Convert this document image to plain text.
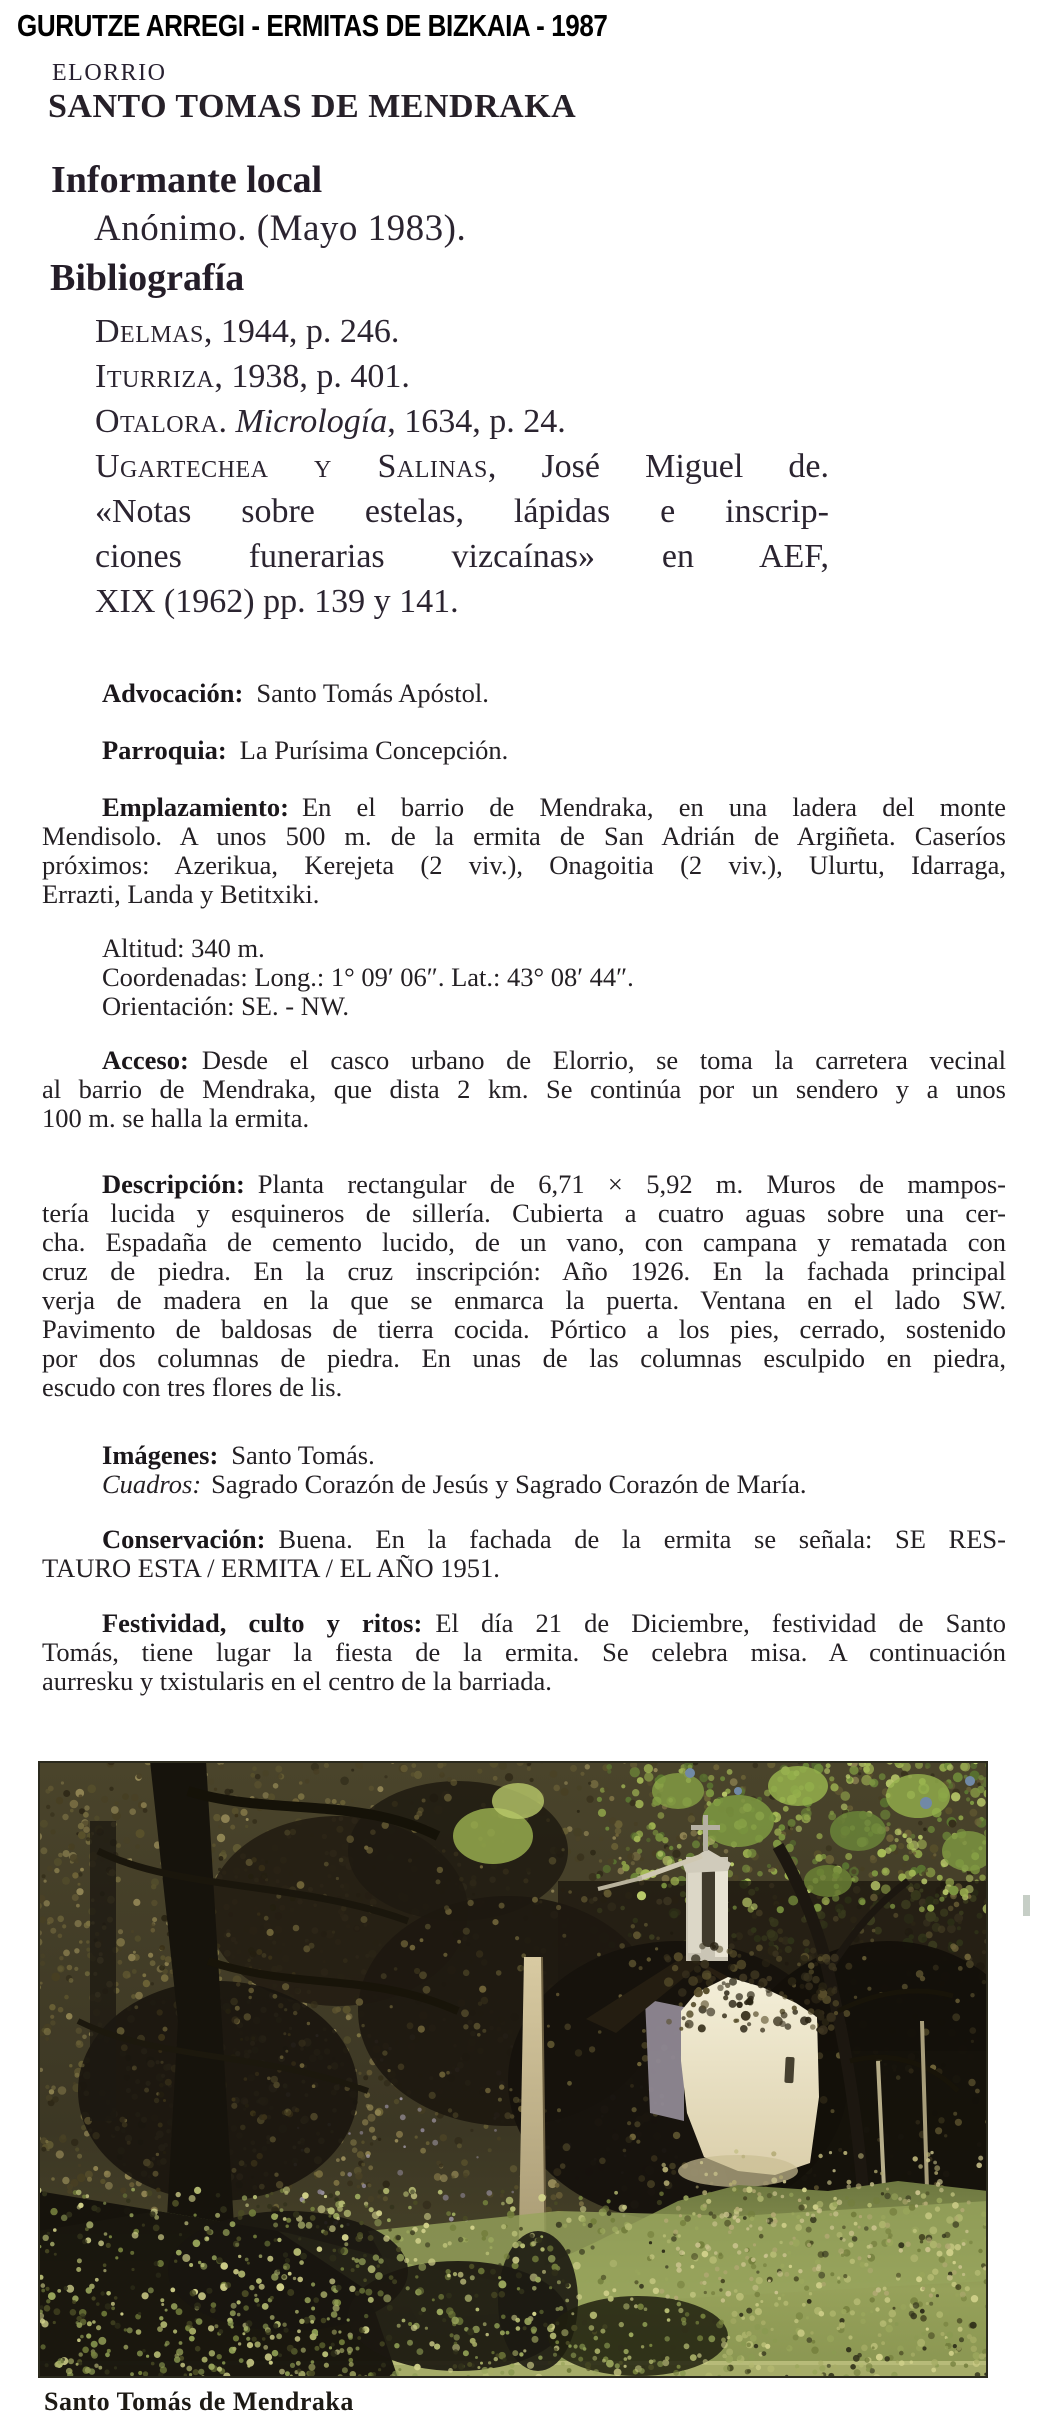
GURUTZE ARREGI - ERMITAS DE BIZKAIA - 1987
ELORRIO
SANTO TOMAS DE MENDRAKA
Informante local
Anónimo. (Mayo 1983).
Bibliografía
Delmas, 1944, p. 246.
Iturriza, 1938, p. 401.
Otalora. Micrología, 1634, p. 24.
Ugartechea y Salinas, José Miguel de.
«Notas sobre estelas, lápidas e inscrip-
ciones funerarias vizcaínas» en AEF,
XIX (1962) pp. 139 y 141.
Advocación: Santo Tomás Apóstol.
Parroquia: La Purísima Concepción.
Emplazamiento: En el barrio de Mendraka, en una ladera del monte
Mendisolo. A unos 500 m. de la ermita de San Adrián de Argiñeta. Caseríos
próximos: Azerikua, Kerejeta (2 viv.), Onagoitia (2 viv.), Ulurtu, Idarraga,
Errazti, Landa y Betitxiki.
Altitud: 340 m.
Coordenadas: Long.: 1° 09′ 06″. Lat.: 43° 08′ 44″.
Orientación: SE. - NW.
Acceso: Desde el casco urbano de Elorrio, se toma la carretera vecinal
al barrio de Mendraka, que dista 2 km. Se continúa por un sendero y a unos
100 m. se halla la ermita.
Descripción: Planta rectangular de 6,71 × 5,92 m. Muros de mampos-
tería lucida y esquineros de sillería. Cubierta a cuatro aguas sobre una cer-
cha. Espadaña de cemento lucido, de un vano, con campana y rematada con
cruz de piedra. En la cruz inscripción: Año 1926. En la fachada principal
verja de madera en la que se enmarca la puerta. Ventana en el lado SW.
Pavimento de baldosas de tierra cocida. Pórtico a los pies, cerrado, sostenido
por dos columnas de piedra. En unas de las columnas esculpido en piedra,
escudo con tres flores de lis.
Imágenes: Santo Tomás.
Cuadros: Sagrado Corazón de Jesús y Sagrado Corazón de María.
Conservación: Buena. En la fachada de la ermita se señala: SE RES-
TAURO ESTA / ERMITA / EL AÑO 1951.
Festividad, culto y ritos: El día 21 de Diciembre, festividad de Santo
Tomás, tiene lugar la fiesta de la ermita. Se celebra misa. A continuación
aurresku y txistularis en el centro de la barriada.
Santo Tomás de Mendraka
